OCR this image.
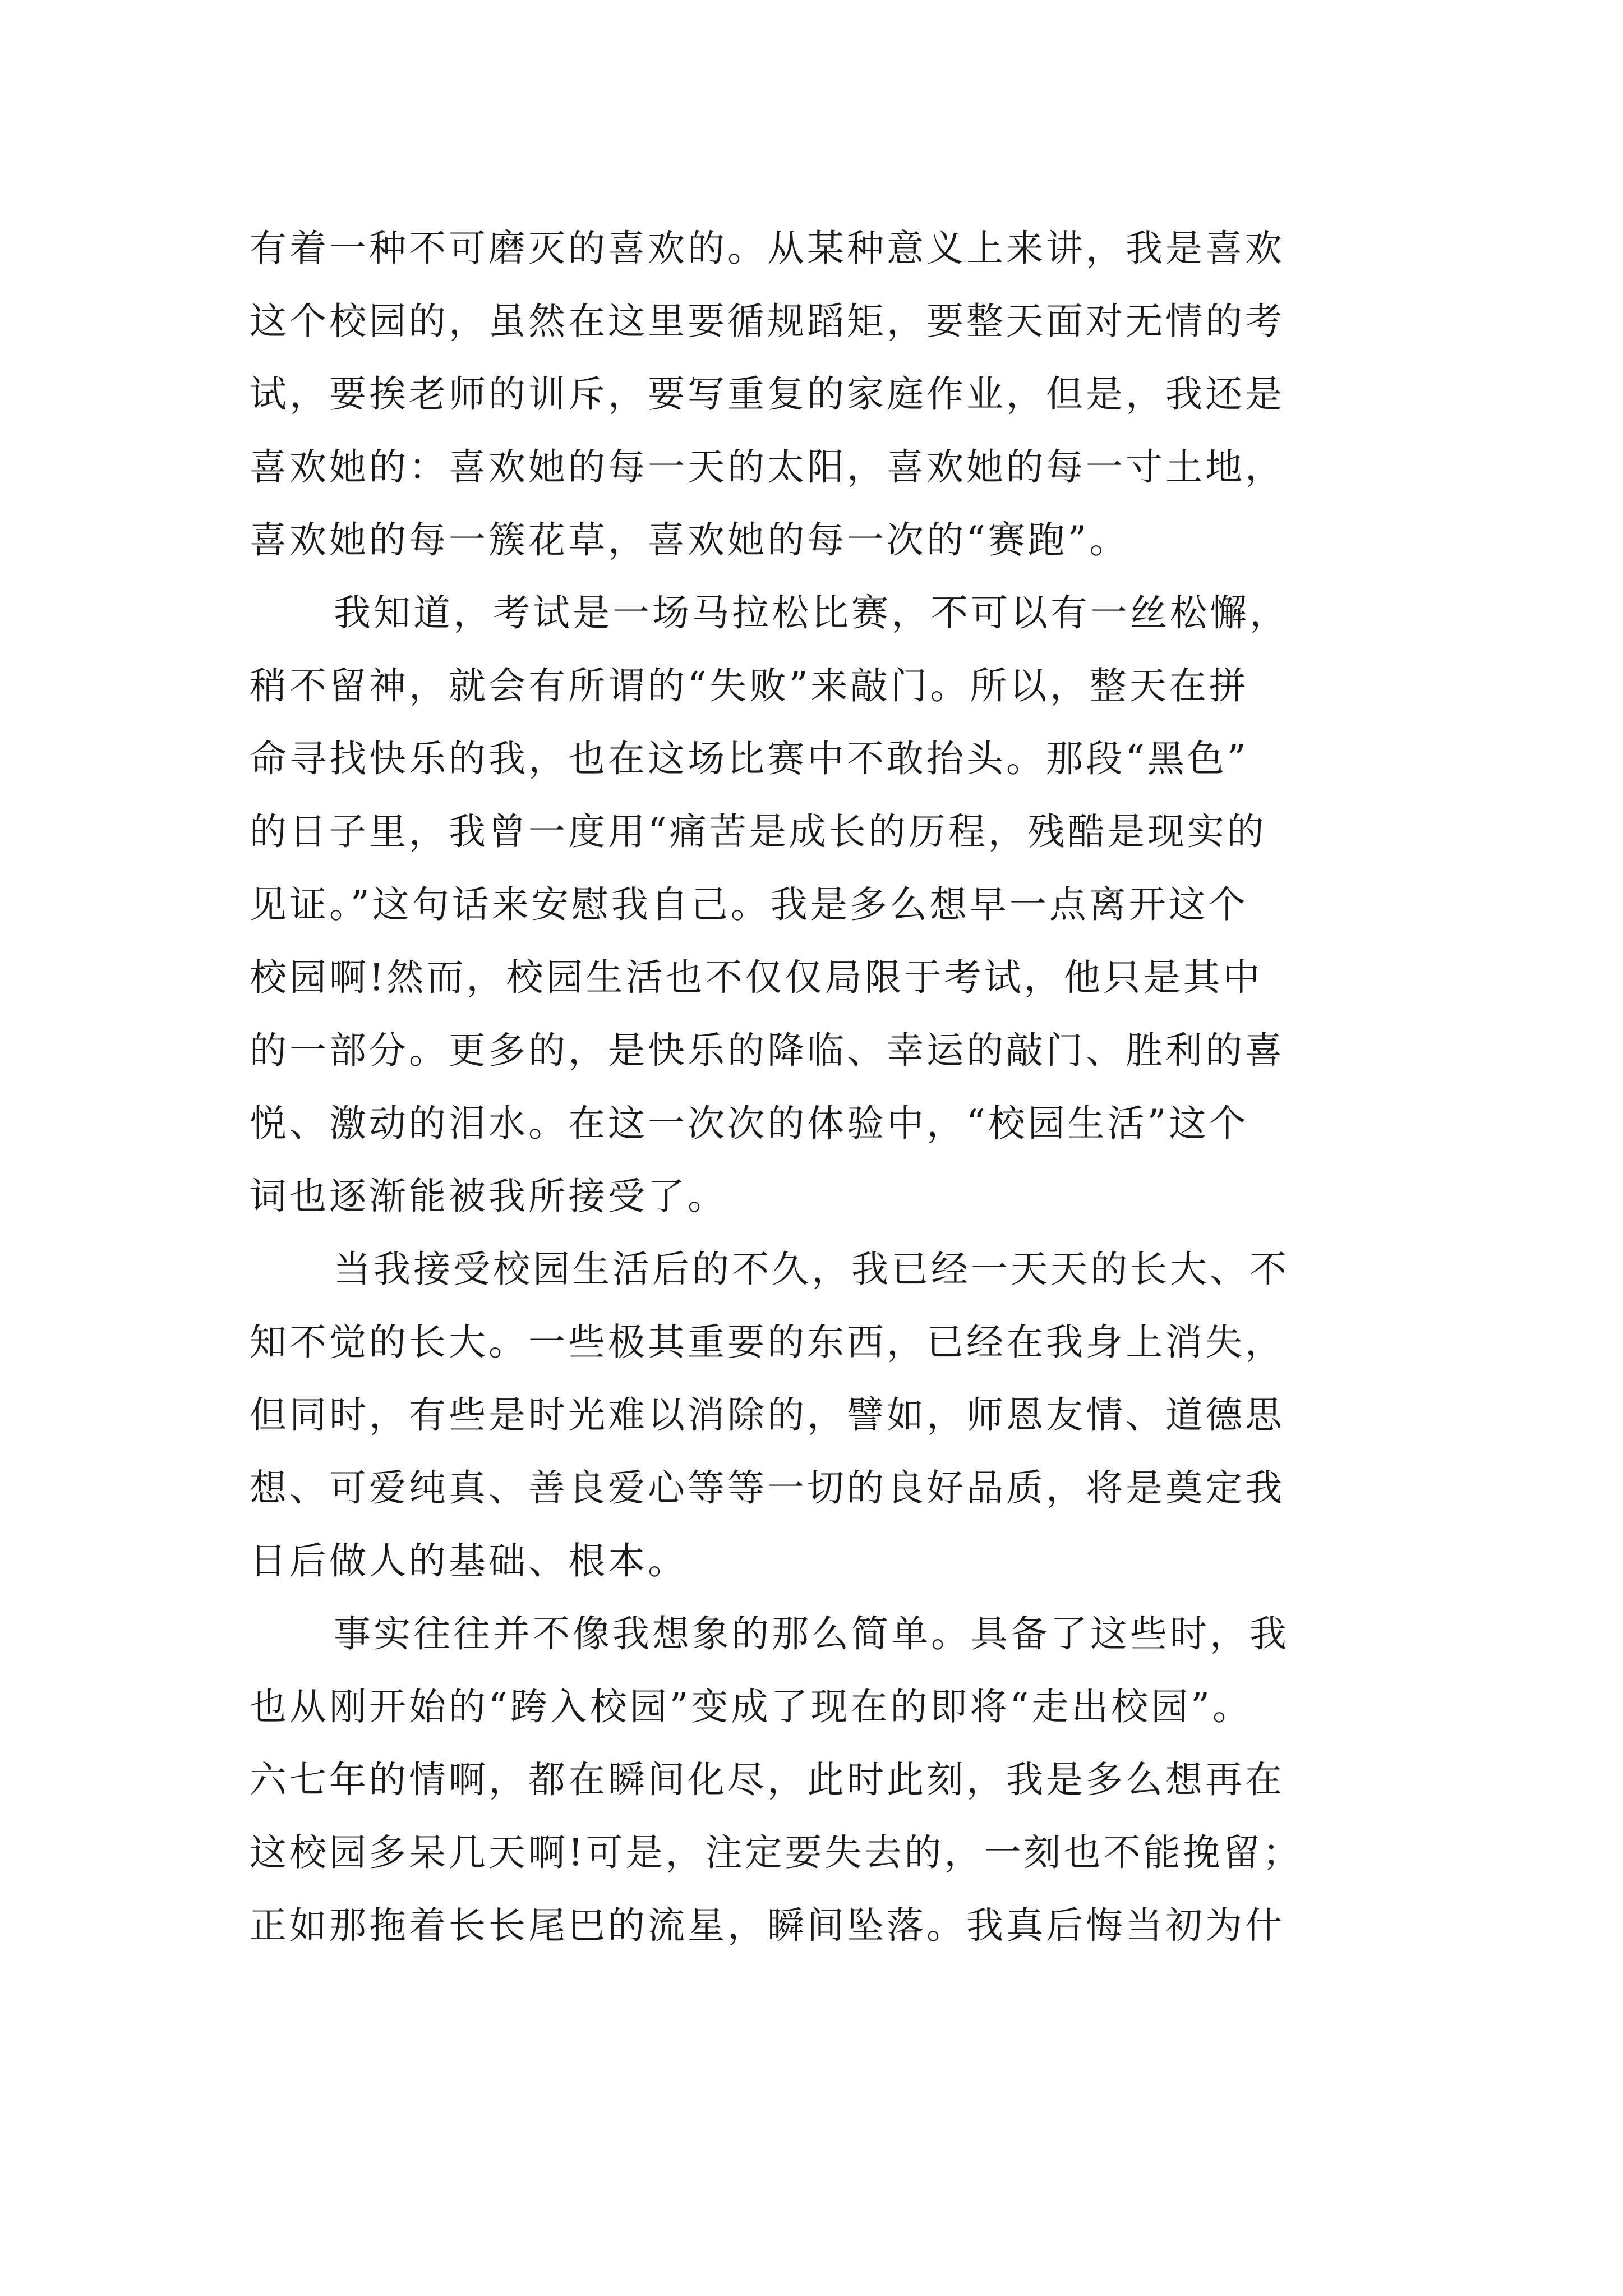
有着一种不可磨灭的喜欢的。从某种意义上来讲，我是喜欢
这个校园的，虽然在这里要循规蹈矩，要整天面对无情的考
试，要挨老师的训斥，要写重复的家庭作业，但是，我还是
喜欢她的：喜欢她的每一天的太阳，喜欢她的每一寸土地，
喜欢她的每一簇花草，喜欢她的每一次的“赛跑”。
我知道，考试是一场马拉松比赛，不可以有一丝松懈，
稍不留神，就会有所谓的“失败”来敲门。所以，整天在拼
命寻找快乐的我，也在这场比赛中不敢抬头。那段“黑色”
的日子里，我曾一度用“痛苦是成长的历程，残酷是现实的
见证。”这句话来安慰我自己。我是多么想早一点离开这个
校园啊!然而，校园生活也不仅仅局限于考试，他只是其中
的一部分。更多的，是快乐的降临、幸运的敲门、胜利的喜
悦、激动的泪水。在这一次次的体验中，“校园生活”这个
词也逐渐能被我所接受了。
当我接受校园生活后的不久，我已经一天天的长大、不
知不觉的长大。一些极其重要的东西，已经在我身上消失，
但同时，有些是时光难以消除的，譬如，师恩友情、道德思
想、可爱纯真、善良爱心等等一切的良好品质，将是奠定我
日后做人的基础、根本。
事实往往并不像我想象的那么简单。具备了这些时，我
也从刚开始的“跨入校园”变成了现在的即将“走出校园”。
六七年的情啊，都在瞬间化尽，此时此刻，我是多么想再在
这校园多呆几天啊!可是，注定要失去的，一刻也不能挽留；
正如那拖着长长尾巴的流星，瞬间坠落。我真后悔当初为什
